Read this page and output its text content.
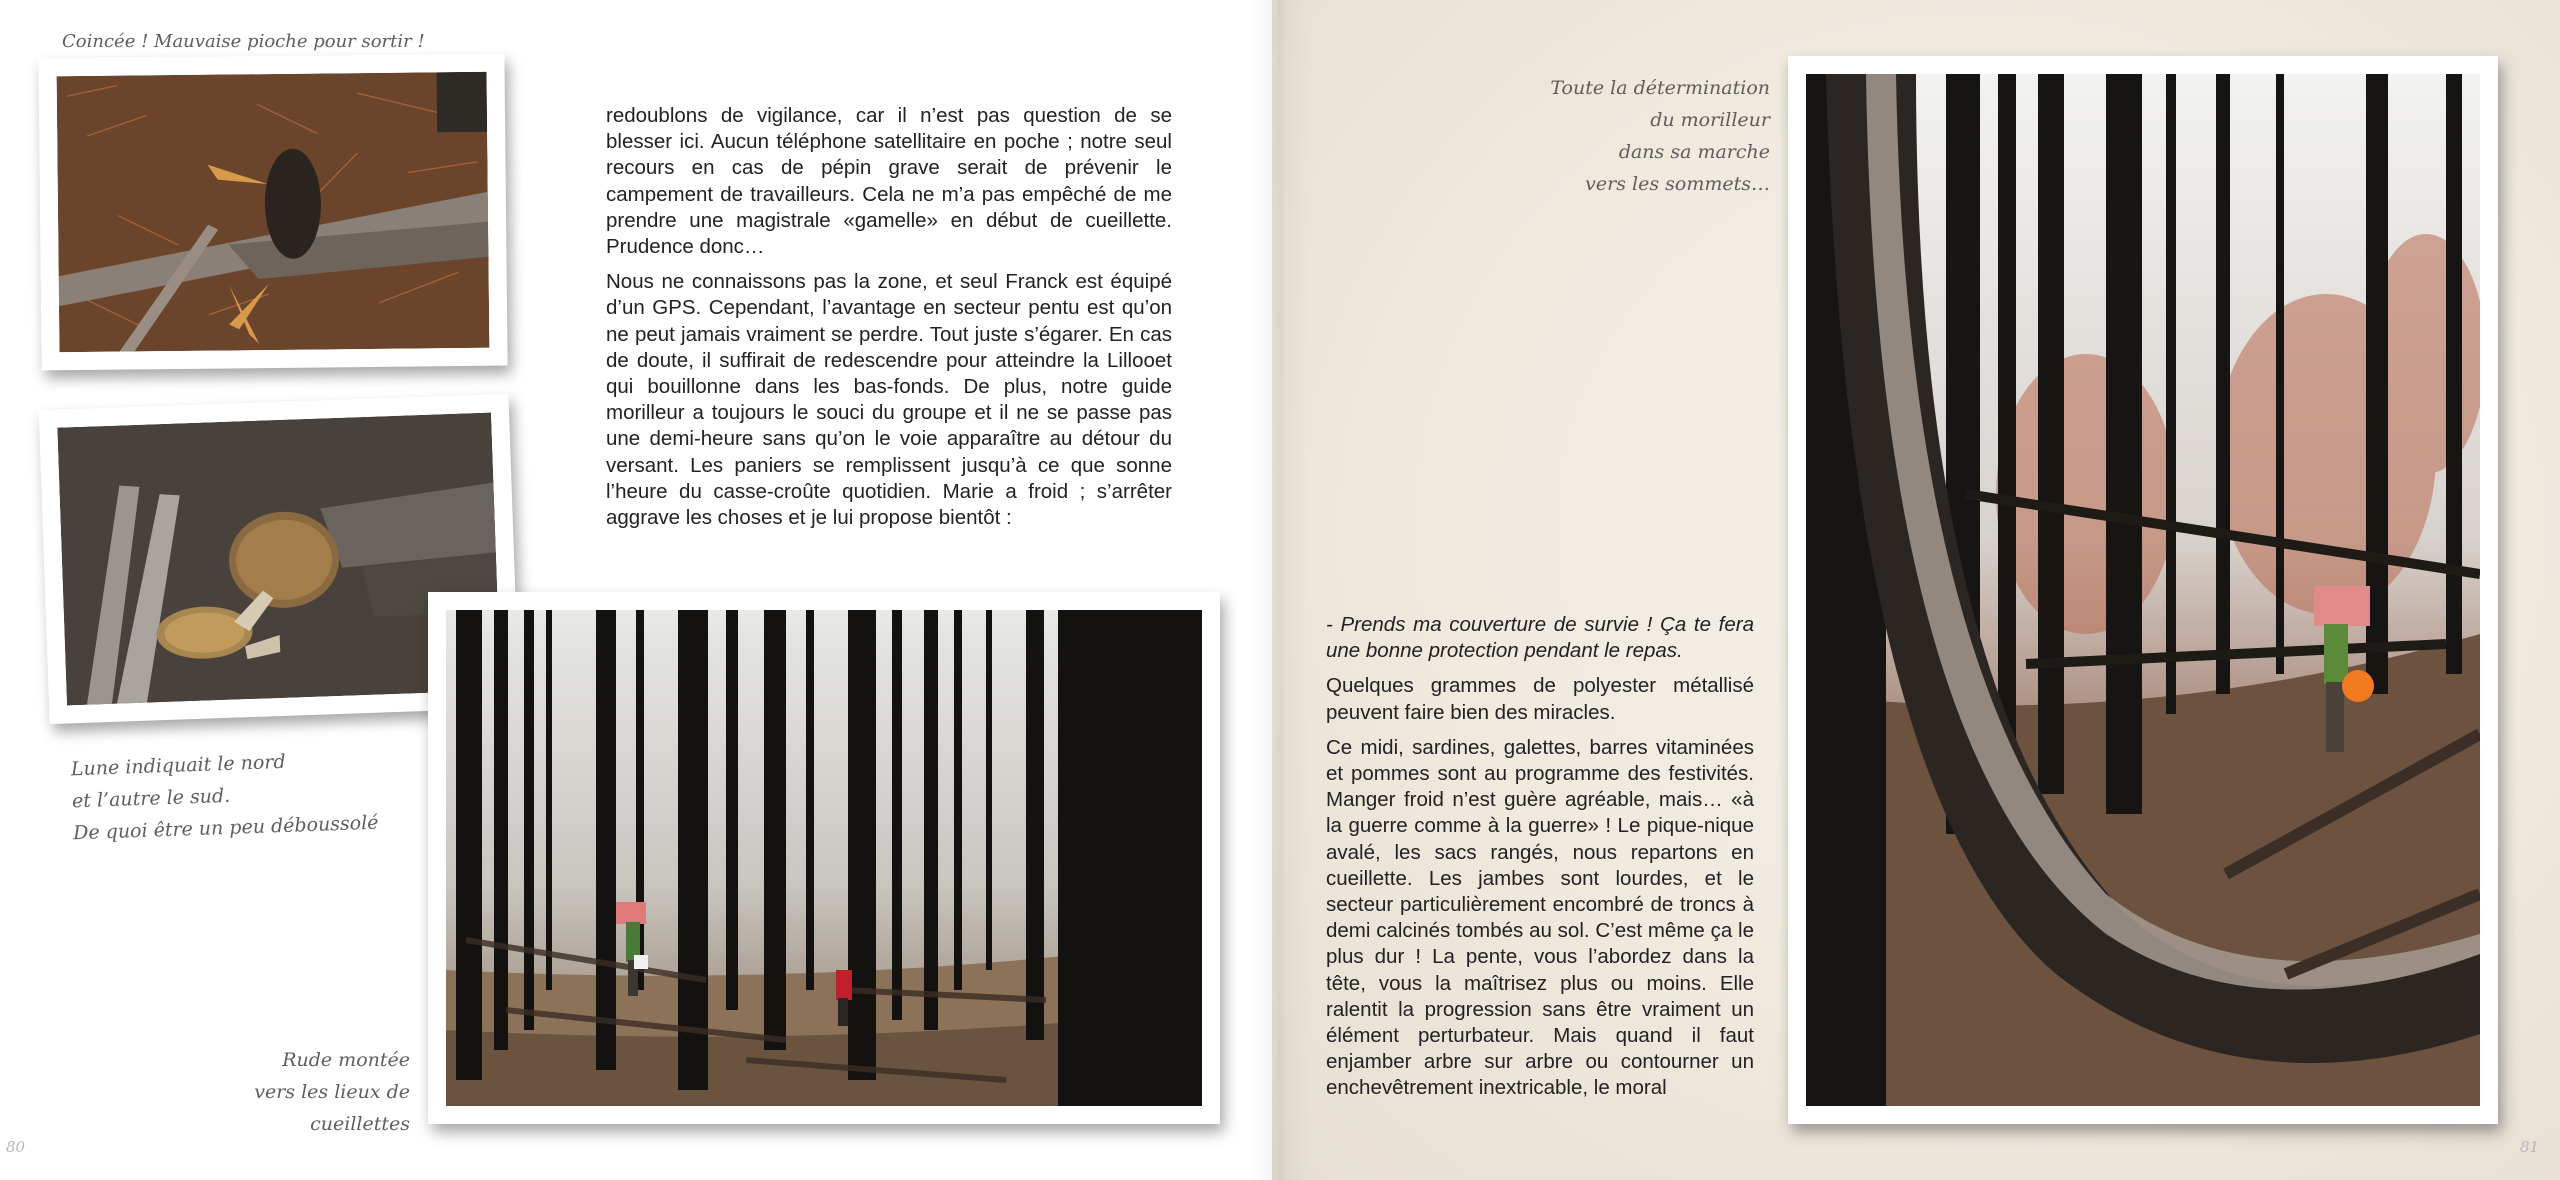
Coincée ! Mauvaise pioche pour sortir !
Lune indiquait le nord
et l’autre le sud.
De quoi être un peu déboussolé
Rude montée
vers les lieux de cueillettes

redoublons de vigilance, car il n’est pas question de se blesser ici. Aucun téléphone satellitaire en poche ; notre seul recours en cas de pépin grave serait de prévenir le campement de travailleurs. Cela ne m’a pas empêché de me prendre une magistrale «gamelle» en début de cueillette. Prudence donc…

Nous ne connaissons pas la zone, et seul Franck est équipé d’un GPS. Cependant, l’avantage en secteur pentu est qu’on ne peut jamais vraiment se perdre. Tout juste s’égarer. En cas de doute, il suffirait de redescendre pour atteindre la Lillooet qui bouillonne dans les bas-fonds. De plus, notre guide morilleur a toujours le souci du groupe et il ne se passe pas une demi-heure sans qu’on le voie apparaître au détour du versant. Les paniers se remplissent jusqu’à ce que sonne l’heure du casse-croûte quotidien. Marie a froid ; s’arrêter aggrave les choses et je lui propose bientôt :

80
Toute la détermination
du morilleur
dans sa marche
vers les sommets…

- Prends ma couverture de survie ! Ça te fera une bonne protection pendant le repas.

Quelques grammes de polyester métallisé peuvent faire bien des miracles.

Ce midi, sardines, galettes, barres vitaminées et pommes sont au programme des festivités. Manger froid n’est guère agréable, mais… «à la guerre comme à la guerre» ! Le pique-nique avalé, les sacs rangés, nous repartons en cueillette. Les jambes sont lourdes, et le secteur particulièrement encombré de troncs à demi calcinés tombés au sol. C’est même ça le plus dur ! La pente, vous l’abordez dans la tête, vous la maîtrisez plus ou moins. Elle ralentit la progression sans être vraiment un élément perturbateur. Mais quand il faut enjamber arbre sur arbre ou contourner un enchevêtrement inextricable, le moral

81
